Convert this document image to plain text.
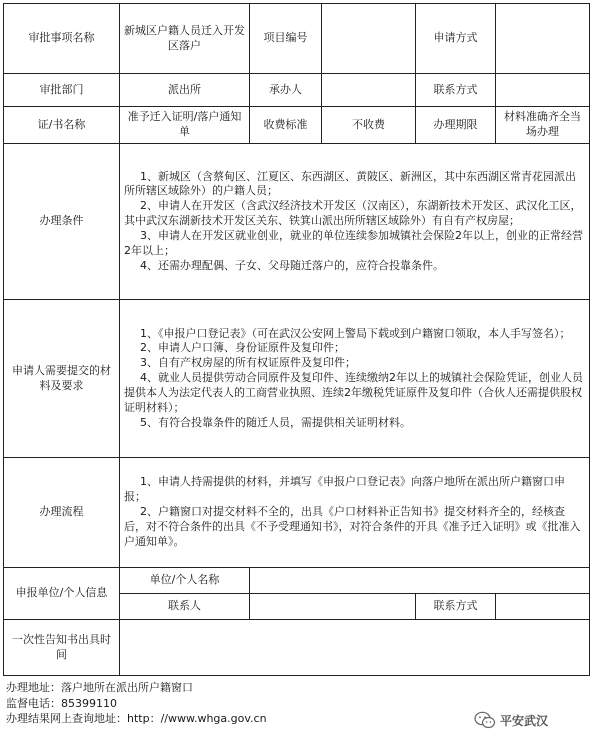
审批事项名称	新城区户籍人员迁入开发区落户	项目编号		申请方式	
审批部门	派出所	承办人		联系方式	
证/书名称	准予迁入证明/落户通知单	收费标准	不收费	办理期限	材料准确齐全当场办理
办理条件	1、新城区（含蔡甸区、江夏区、东西湖区、黄陂区、新洲区，其中东西湖区常青花园派出所所辖区域除外）的户籍人员；

2、申请人在开发区（含武汉经济技术开发区（汉南区），东湖新技术开发区、武汉化工区，其中武汉东湖新技术开发区关东、铁箕山派出所所辖区域除外）有自有产权房屋；

3、申请人在开发区就业创业，就业的单位连续参加城镇社会保险2年以上，创业的正常经营2年以上；

4、还需办理配偶、子女、父母随迁落户的，应符合投靠条件。				

申请人需要提交的材料及要求	1、《申报户口登记表》（可在武汉公安网上警局下载或到户籍窗口领取，本人手写签名）；

2、申请人户口簿、身份证原件及复印件；

3、自有产权房屋的所有权证原件及复印件；

4、就业人员提供劳动合同原件及复印件、连续缴纳2年以上的城镇社会保险凭证，创业人员提供本人为法定代表人的工商营业执照、连续2年缴税凭证原件及复印件（合伙人还需提供股权证明材料）；

5、有符合投靠条件的随迁人员，需提供相关证明材料。				

办理流程	1、申请人持需提供的材料，并填写《申报户口登记表》向落户地所在派出所户籍窗口申报；

2、户籍窗口对提交材料不全的，出具《户口材料补正告知书》提交材料齐全的，经核查后，对不符合条件的出具《不予受理通知书》，对符合条件的开具《准予迁入证明》或《批准入户通知单》。				

申报单位/个人信息	单位/个人名称				
	联系人			联系方式	
一次性告知书出具时间					
办理地址：落户地所在派出所户籍窗口
监督电话：85399110
办理结果网上查询地址：http：//www.whga.gov.cn	平安武汉
